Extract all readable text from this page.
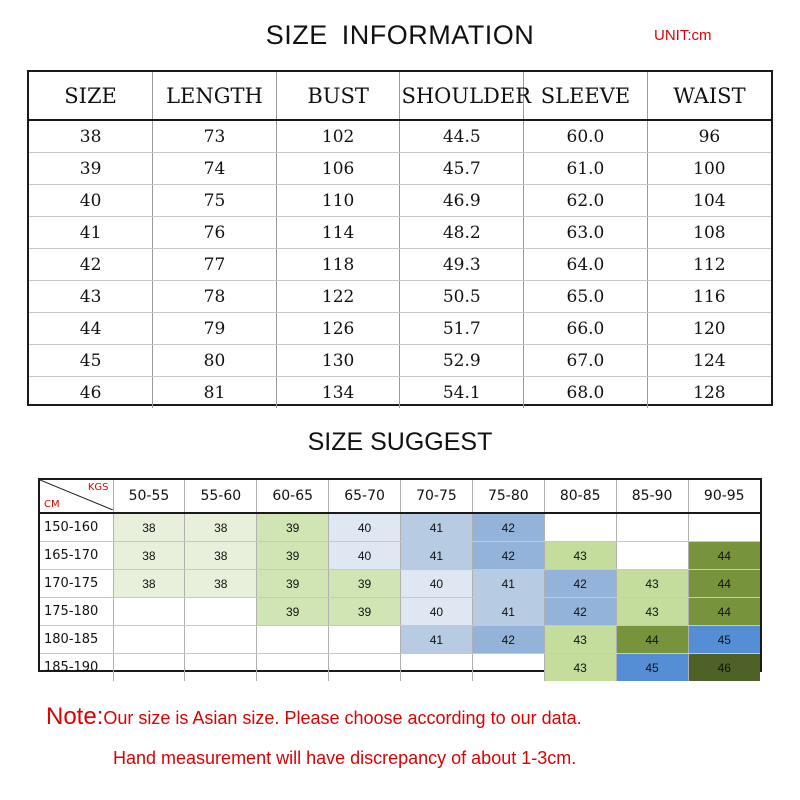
SIZE INFORMATION	UNIT:cm
SIZE	LENGTH	BUST	SHOULDER	SLEEVE	WAIST
38	73	102	44.5	60.0	96
39	74	106	45.7	61.0	100
40	75	110	46.9	62.0	104
41	76	114	48.2	63.0	108
42	77	118	49.3	64.0	112
43	78	122	50.5	65.0	116
44	79	126	51.7	66.0	120
45	80	130	52.9	67.0	124
46	81	134	54.1	68.0	128
SIZE SUGGEST
KGS
CM	50-55	55-60	60-65	65-70	70-75	75-80	80-85	85-90	90-95
150-160	38	38	39	40	41	42			
165-170	38	38	39	40	41	42	43		44
170-175	38	38	39	39	40	41	42	43	44
175-180			39	39	40	41	42	43	44
180-185					41	42	43	44	45
185-190							43	45	46
Note:Our size is Asian size. Please choose according to our data.
Hand measurement will have discrepancy of about 1-3cm.
